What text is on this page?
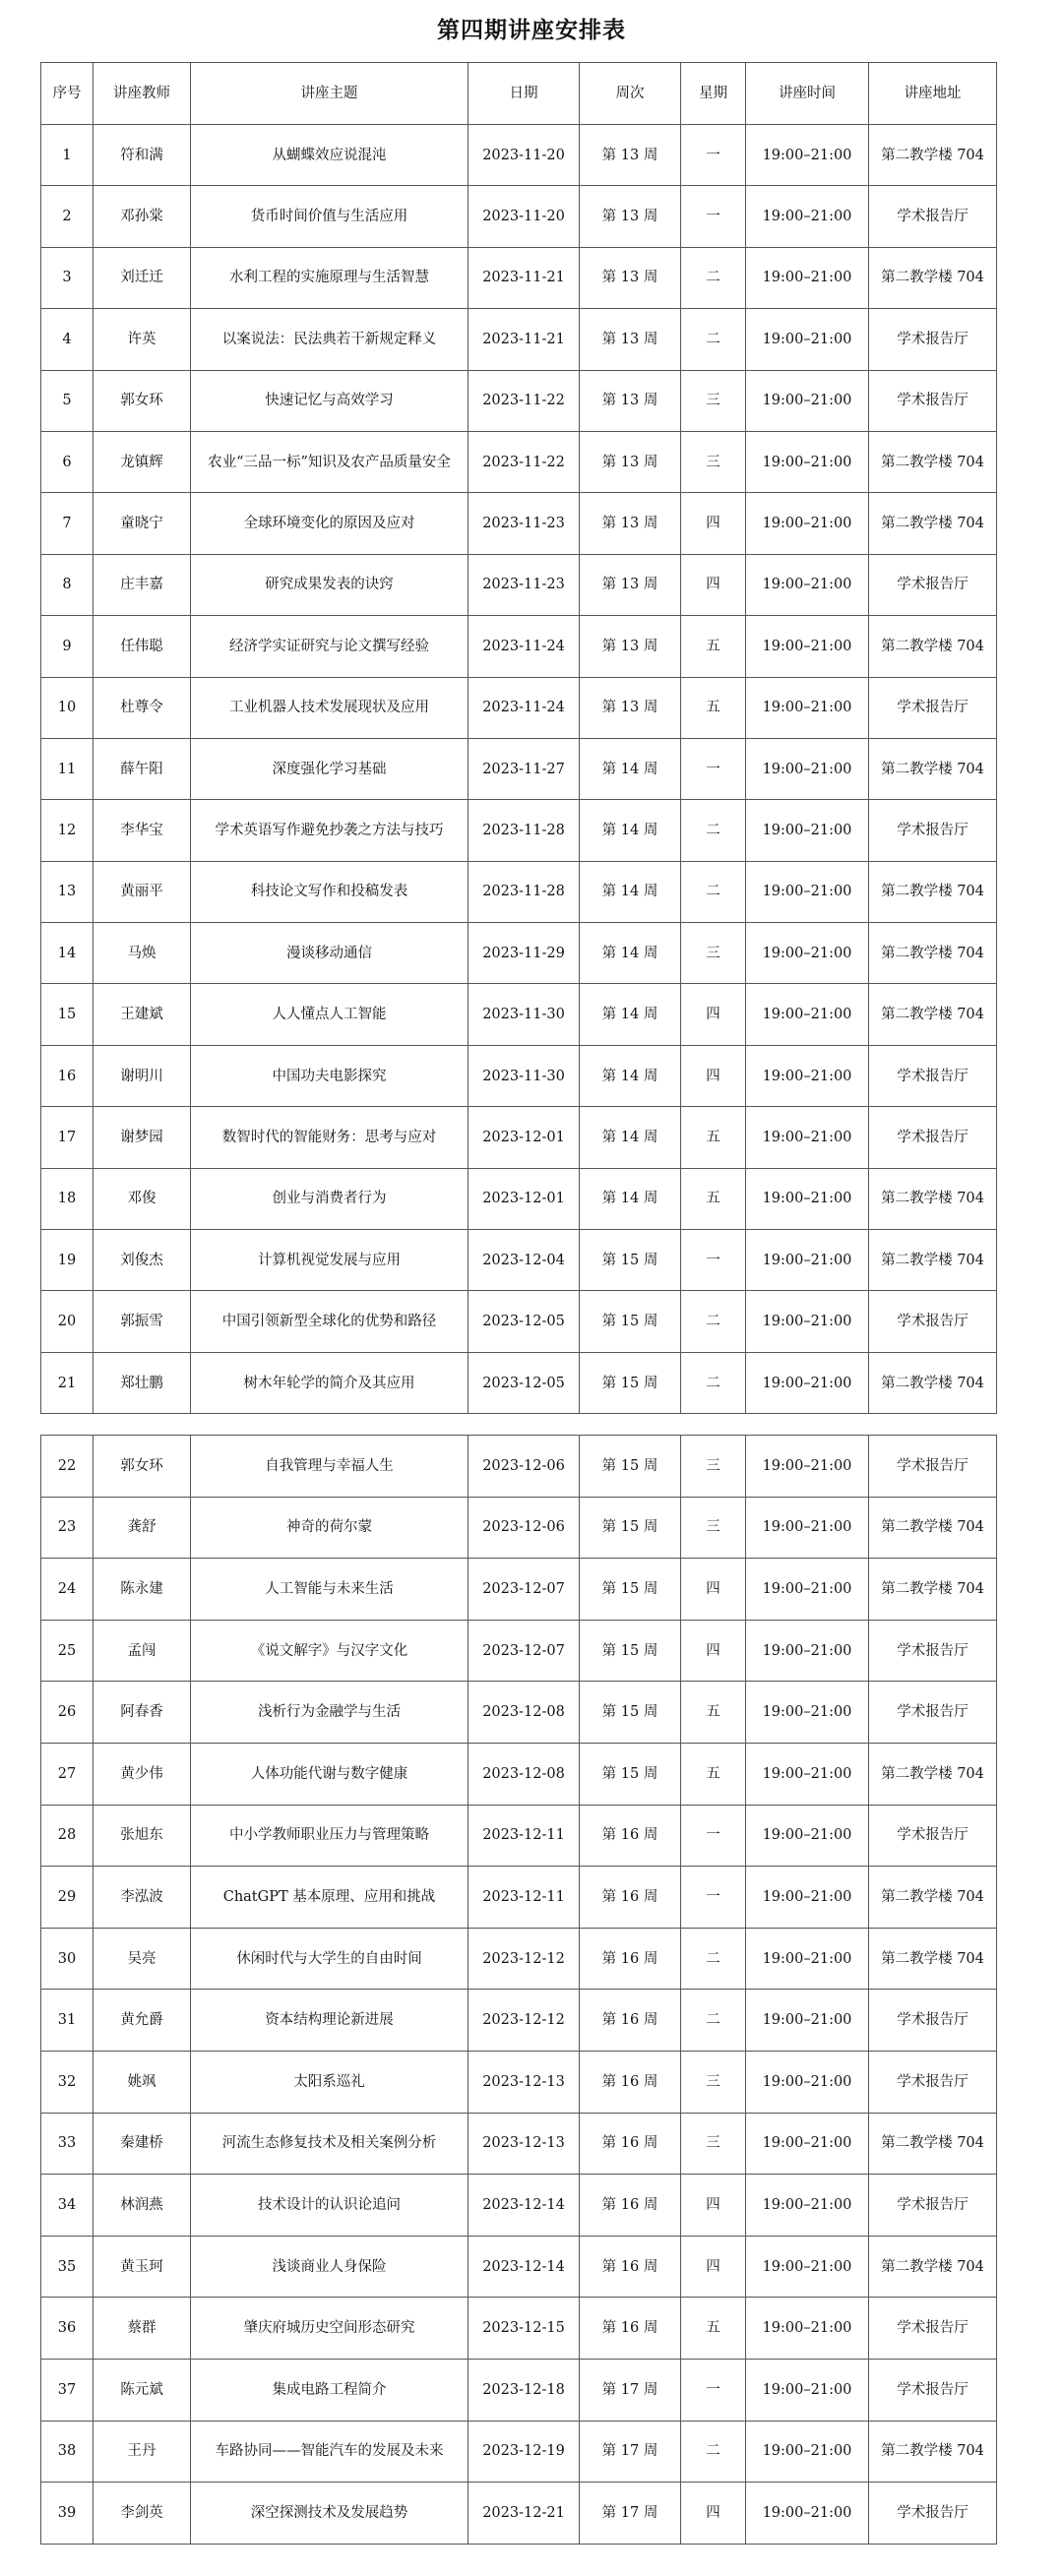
第四期讲座安排表
序号	讲座教师	讲座主题	日期	周次	星期	讲座时间	讲座地址
1	符和满	从蝴蝶效应说混沌	2023-11-20	第 13 周	一	19:00–21:00	第二教学楼 704
2	邓孙棠	货币时间价值与生活应用	2023-11-20	第 13 周	一	19:00–21:00	学术报告厅
3	刘迁迁	水利工程的实施原理与生活智慧	2023-11-21	第 13 周	二	19:00–21:00	第二教学楼 704
4	许英	以案说法：民法典若干新规定释义	2023-11-21	第 13 周	二	19:00–21:00	学术报告厅
5	郭女环	快速记忆与高效学习	2023-11-22	第 13 周	三	19:00–21:00	学术报告厅
6	龙镇辉	农业“三品一标”知识及农产品质量安全	2023-11-22	第 13 周	三	19:00–21:00	第二教学楼 704
7	童晓宁	全球环境变化的原因及应对	2023-11-23	第 13 周	四	19:00–21:00	第二教学楼 704
8	庄丰嘉	研究成果发表的诀窍	2023-11-23	第 13 周	四	19:00–21:00	学术报告厅
9	任伟聪	经济学实证研究与论文撰写经验	2023-11-24	第 13 周	五	19:00–21:00	第二教学楼 704
10	杜尊令	工业机器人技术发展现状及应用	2023-11-24	第 13 周	五	19:00–21:00	学术报告厅
11	薛午阳	深度强化学习基础	2023-11-27	第 14 周	一	19:00–21:00	第二教学楼 704
12	李华宝	学术英语写作避免抄袭之方法与技巧	2023-11-28	第 14 周	二	19:00–21:00	学术报告厅
13	黄丽平	科技论文写作和投稿发表	2023-11-28	第 14 周	二	19:00–21:00	第二教学楼 704
14	马焕	漫谈移动通信	2023-11-29	第 14 周	三	19:00–21:00	第二教学楼 704
15	王建斌	人人懂点人工智能	2023-11-30	第 14 周	四	19:00–21:00	第二教学楼 704
16	谢明川	中国功夫电影探究	2023-11-30	第 14 周	四	19:00–21:00	学术报告厅
17	谢梦园	数智时代的智能财务：思考与应对	2023-12-01	第 14 周	五	19:00–21:00	学术报告厅
18	邓俊	创业与消费者行为	2023-12-01	第 14 周	五	19:00–21:00	第二教学楼 704
19	刘俊杰	计算机视觉发展与应用	2023-12-04	第 15 周	一	19:00–21:00	第二教学楼 704
20	郭振雪	中国引领新型全球化的优势和路径	2023-12-05	第 15 周	二	19:00–21:00	学术报告厅
21	郑壮鹏	树木年轮学的简介及其应用	2023-12-05	第 15 周	二	19:00–21:00	第二教学楼 704
22	郭女环	自我管理与幸福人生	2023-12-06	第 15 周	三	19:00–21:00	学术报告厅
23	龚舒	神奇的荷尔蒙	2023-12-06	第 15 周	三	19:00–21:00	第二教学楼 704
24	陈永建	人工智能与未来生活	2023-12-07	第 15 周	四	19:00–21:00	第二教学楼 704
25	孟闯	《说文解字》与汉字文化	2023-12-07	第 15 周	四	19:00–21:00	学术报告厅
26	阿春香	浅析行为金融学与生活	2023-12-08	第 15 周	五	19:00–21:00	学术报告厅
27	黄少伟	人体功能代谢与数字健康	2023-12-08	第 15 周	五	19:00–21:00	第二教学楼 704
28	张旭东	中小学教师职业压力与管理策略	2023-12-11	第 16 周	一	19:00–21:00	学术报告厅
29	李泓波	ChatGPT 基本原理、应用和挑战	2023-12-11	第 16 周	一	19:00–21:00	第二教学楼 704
30	吴亮	休闲时代与大学生的自由时间	2023-12-12	第 16 周	二	19:00–21:00	第二教学楼 704
31	黄允爵	资本结构理论新进展	2023-12-12	第 16 周	二	19:00–21:00	学术报告厅
32	姚飒	太阳系巡礼	2023-12-13	第 16 周	三	19:00–21:00	学术报告厅
33	秦建桥	河流生态修复技术及相关案例分析	2023-12-13	第 16 周	三	19:00–21:00	第二教学楼 704
34	林润燕	技术设计的认识论追问	2023-12-14	第 16 周	四	19:00–21:00	学术报告厅
35	黄玉珂	浅谈商业人身保险	2023-12-14	第 16 周	四	19:00–21:00	第二教学楼 704
36	蔡群	肇庆府城历史空间形态研究	2023-12-15	第 16 周	五	19:00–21:00	学术报告厅
37	陈元斌	集成电路工程简介	2023-12-18	第 17 周	一	19:00–21:00	学术报告厅
38	王丹	车路协同——智能汽车的发展及未来	2023-12-19	第 17 周	二	19:00–21:00	第二教学楼 704
39	李剑英	深空探测技术及发展趋势	2023-12-21	第 17 周	四	19:00–21:00	学术报告厅
